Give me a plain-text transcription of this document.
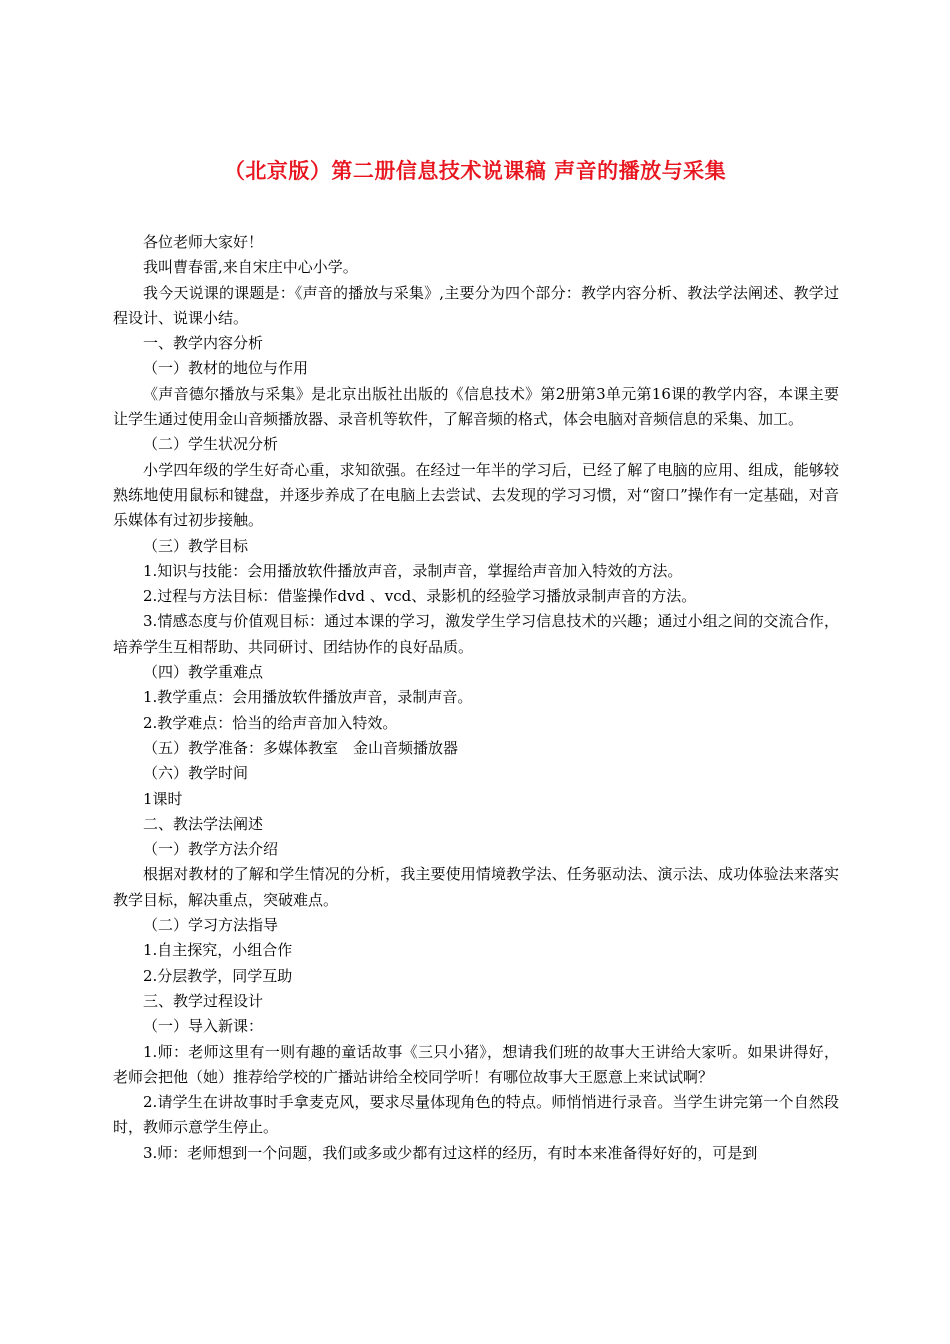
（北京版）第二册信息技术说课稿 声音的播放与采集

各位老师大家好！

我叫曹春雷,来自宋庄中心小学。

我今天说课的课题是：《声音的播放与采集》,主要分为四个部分：教学内容分析、教法学法阐述、教学过程设计、说课小结。

一、教学内容分析

（一）教材的地位与作用

《声音德尔播放与采集》是北京出版社出版的《信息技术》第2册第3单元第16课的教学内容，本课主要让学生通过使用金山音频播放器、录音机等软件，了解音频的格式，体会电脑对音频信息的采集、加工。

（二）学生状况分析

小学四年级的学生好奇心重，求知欲强。在经过一年半的学习后，已经了解了电脑的应用、组成，能够较熟练地使用鼠标和键盘，并逐步养成了在电脑上去尝试、去发现的学习习惯，对“窗口”操作有一定基础，对音乐媒体有过初步接触。

（三）教学目标

1.知识与技能：会用播放软件播放声音，录制声音，掌握给声音加入特效的方法。

2.过程与方法目标：借鉴操作dvd 、vcd、录影机的经验学习播放录制声音的方法。

3.情感态度与价值观目标：通过本课的学习，激发学生学习信息技术的兴趣；通过小组之间的交流合作，培养学生互相帮助、共同研讨、团结协作的良好品质。

（四）教学重难点

1.教学重点：会用播放软件播放声音，录制声音。

2.教学难点：恰当的给声音加入特效。

（五）教学准备：多媒体教室　金山音频播放器

（六）教学时间

1课时

二、教法学法阐述

（一）教学方法介绍

根据对教材的了解和学生情况的分析，我主要使用情境教学法、任务驱动法、演示法、成功体验法来落实教学目标，解决重点，突破难点。

（二）学习方法指导

1.自主探究，小组合作

2.分层教学，同学互助

三、教学过程设计

（一）导入新课：

1.师：老师这里有一则有趣的童话故事《三只小猪》，想请我们班的故事大王讲给大家听。如果讲得好，老师会把他（她）推荐给学校的广播站讲给全校同学听！有哪位故事大王愿意上来试试啊？

2.请学生在讲故事时手拿麦克风，要求尽量体现角色的特点。师悄悄进行录音。当学生讲完第一个自然段时，教师示意学生停止。

3.师：老师想到一个问题，我们或多或少都有过这样的经历，有时本来准备得好好的，可是到
